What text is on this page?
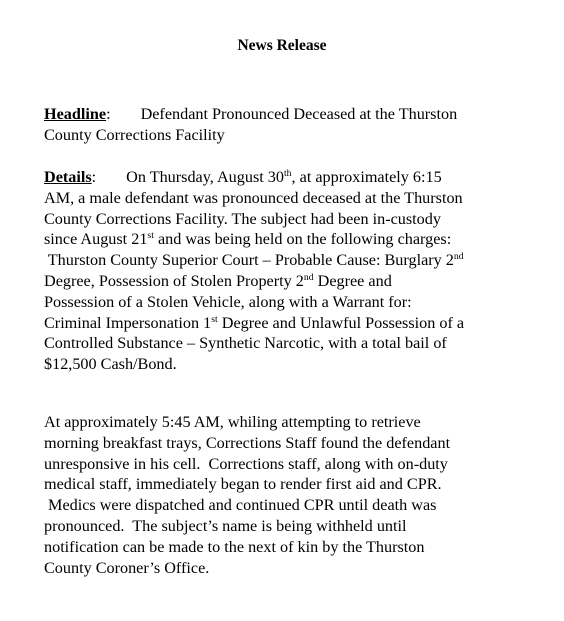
News Release
Headline: Defendant Pronounced Deceased at the Thurston
County Corrections Facility
Details: On Thursday, August 30th, at approximately 6:15
AM, a male defendant was pronounced deceased at the Thurston
County Corrections Facility. The subject had been in-custody
since August 21st and was being held on the following charges:
Thurston County Superior Court – Probable Cause: Burglary 2nd
Degree, Possession of Stolen Property 2nd Degree and
Possession of a Stolen Vehicle, along with a Warrant for:
Criminal Impersonation 1st Degree and Unlawful Possession of a
Controlled Substance – Synthetic Narcotic, with a total bail of
$12,500 Cash/Bond.
At approximately 5:45 AM, whiling attempting to retrieve
morning breakfast trays, Corrections Staff found the defendant
unresponsive in his cell.  Corrections staff, along with on-duty
medical staff, immediately began to render first aid and CPR.
Medics were dispatched and continued CPR until death was
pronounced.  The subject’s name is being withheld until
notification can be made to the next of kin by the Thurston
County Coroner’s Office.
